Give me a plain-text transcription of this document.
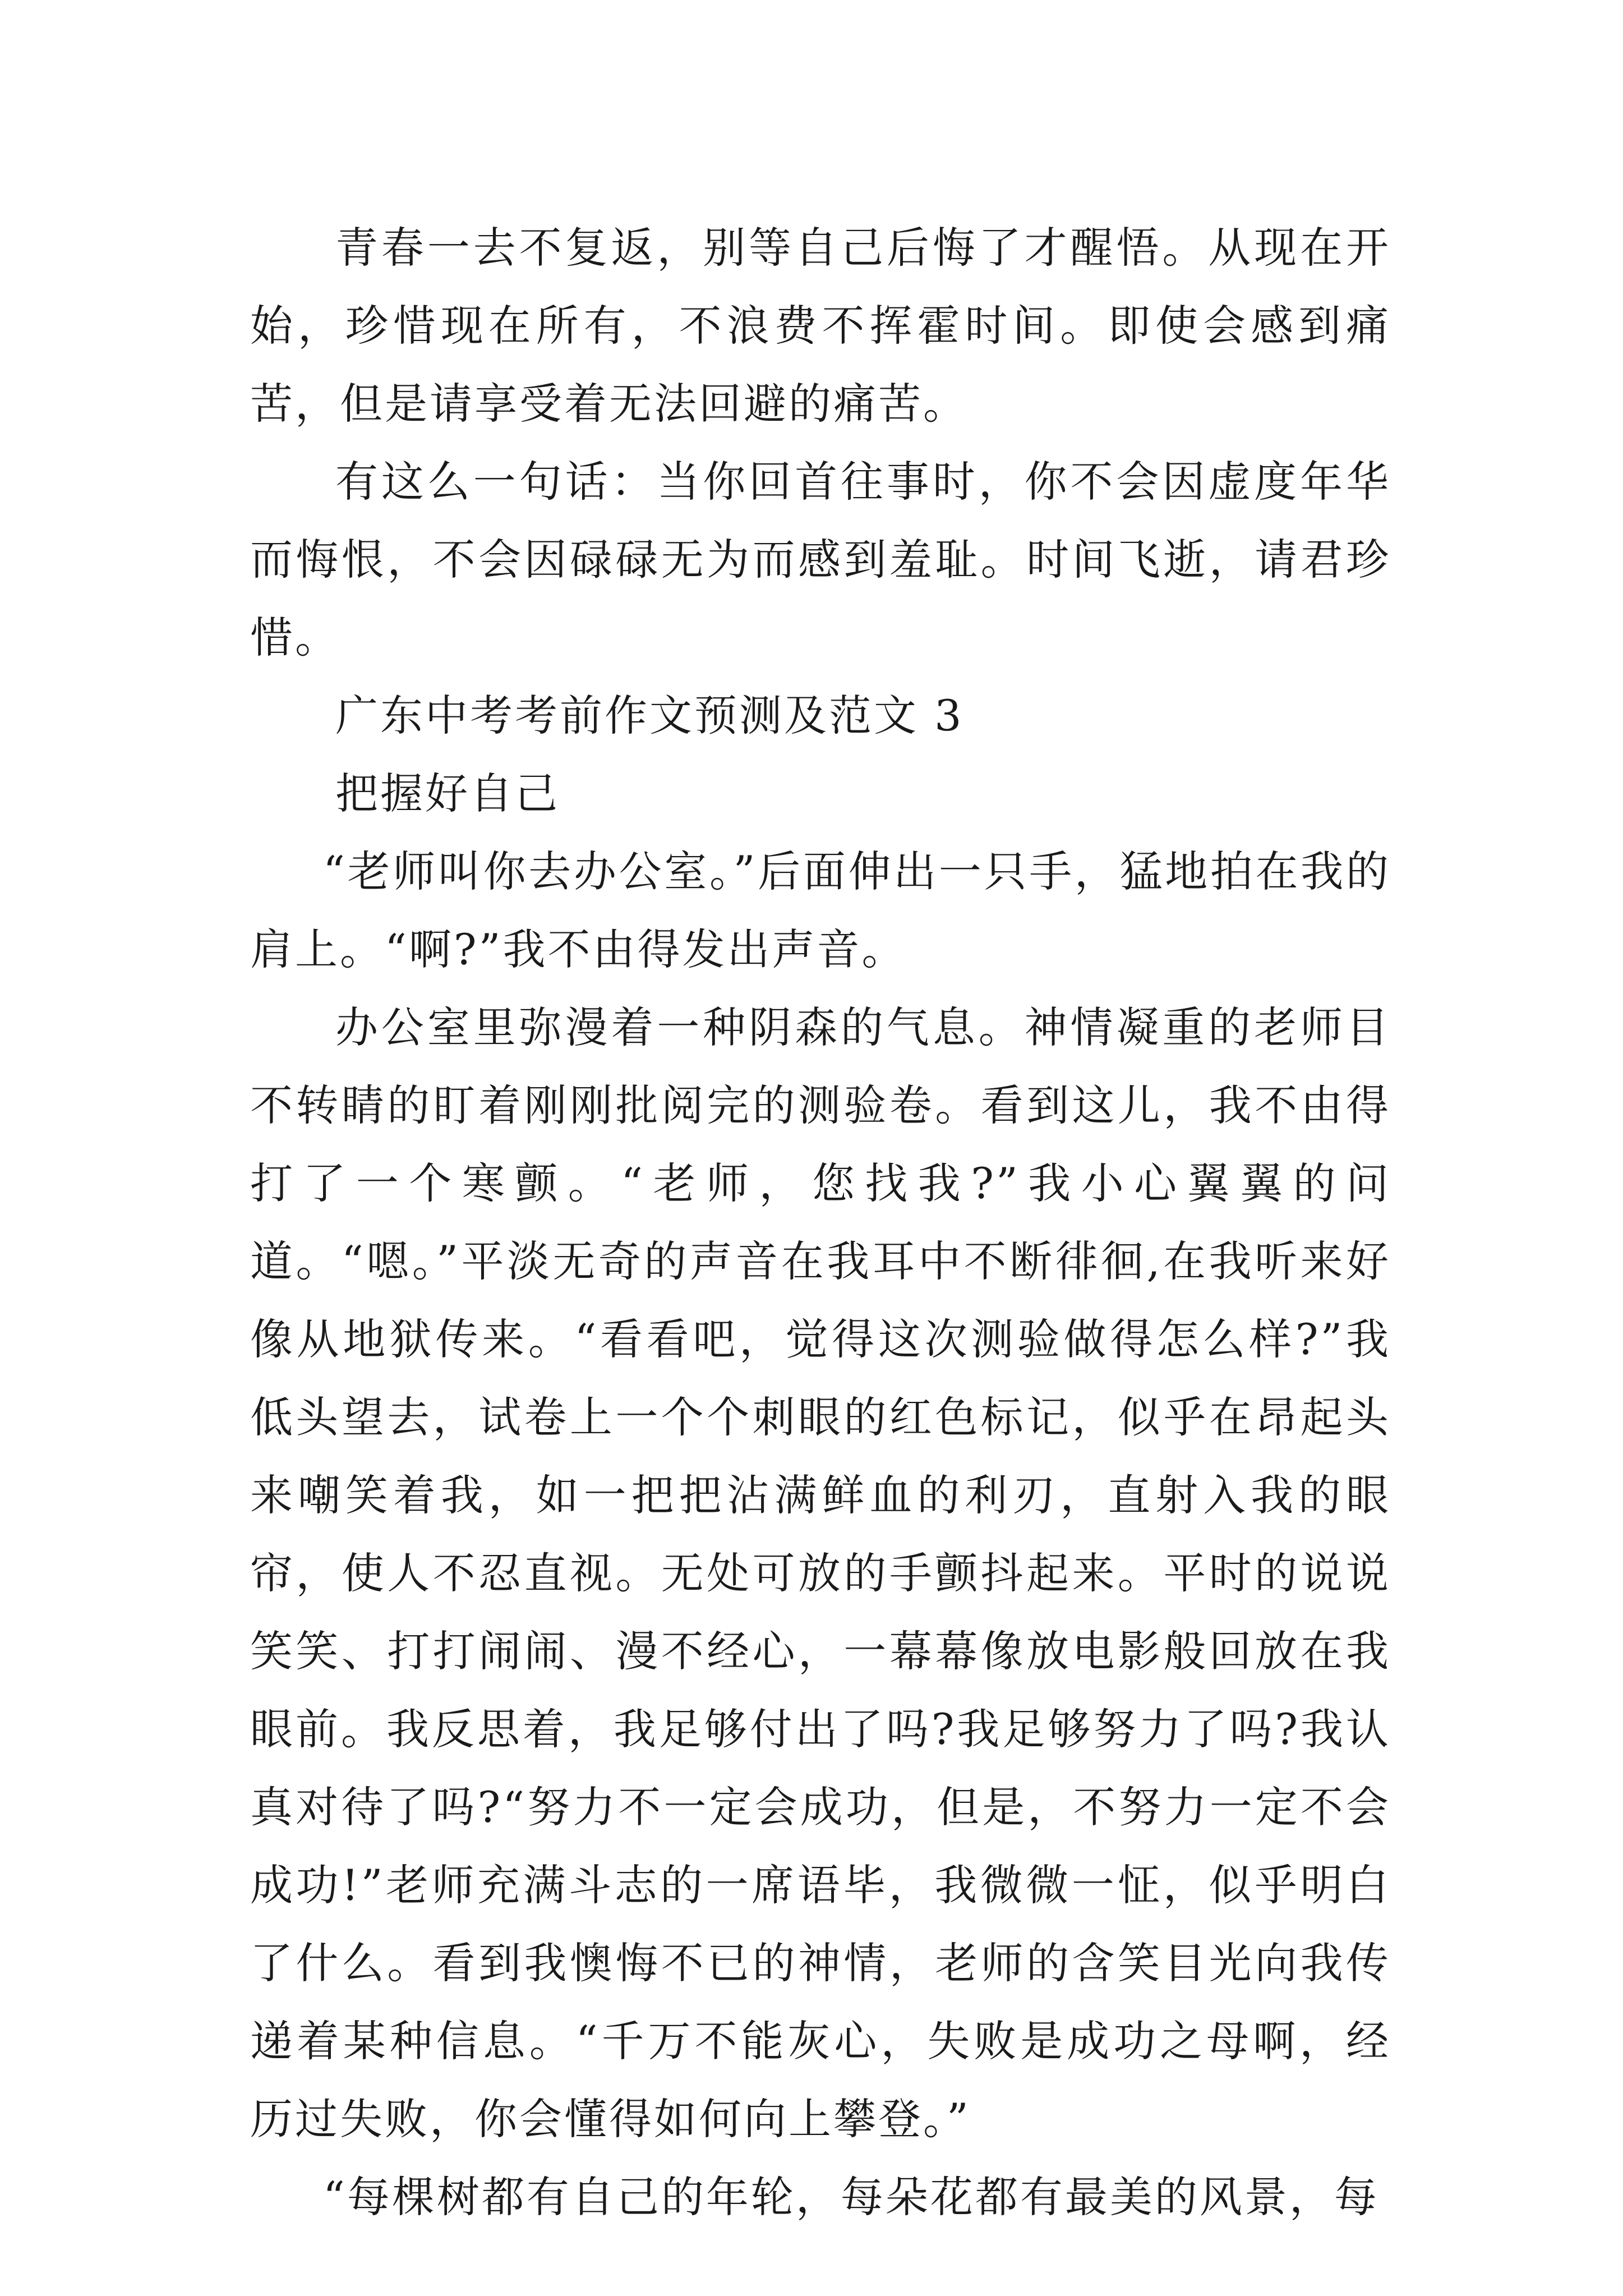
青春一去不复返，别等自己后悔了才醒悟。从现在开始，珍惜现在所有，不浪费不挥霍时间。即使会感到痛苦，但是请享受着无法回避的痛苦。

有这么一句话：当你回首往事时，你不会因虚度年华而悔恨，不会因碌碌无为而感到羞耻。时间飞逝，请君珍惜。

广东中考考前作文预测及范文 3

把握好自己

“老师叫你去办公室。”后面伸出一只手，猛地拍在我的肩上。“啊?”我不由得发出声音。

办公室里弥漫着一种阴森的气息。神情凝重的老师目不转睛的盯着刚刚批阅完的测验卷。看到这儿，我不由得打了一个寒颤。“老师，您找我?”我小心翼翼的问道。“嗯。”平淡无奇的声音在我耳中不断徘徊,在我听来好像从地狱传来。“看看吧，觉得这次测验做得怎么样?”我低头望去，试卷上一个个刺眼的红色标记，似乎在昂起头来嘲笑着我，如一把把沾满鲜血的利刃，直射入我的眼帘，使人不忍直视。无处可放的手颤抖起来。平时的说说笑笑、打打闹闹、漫不经心，一幕幕像放电影般回放在我眼前。我反思着，我足够付出了吗?我足够努力了吗?我认真对待了吗?“努力不一定会成功，但是，不努力一定不会成功!”老师充满斗志的一席语毕，我微微一怔，似乎明白了什么。看到我懊悔不已的神情，老师的含笑目光向我传递着某种信息。“千万不能灰心，失败是成功之母啊，经历过失败，你会懂得如何向上攀登。”

“每棵树都有自己的年轮，每朵花都有最美的风景，每
